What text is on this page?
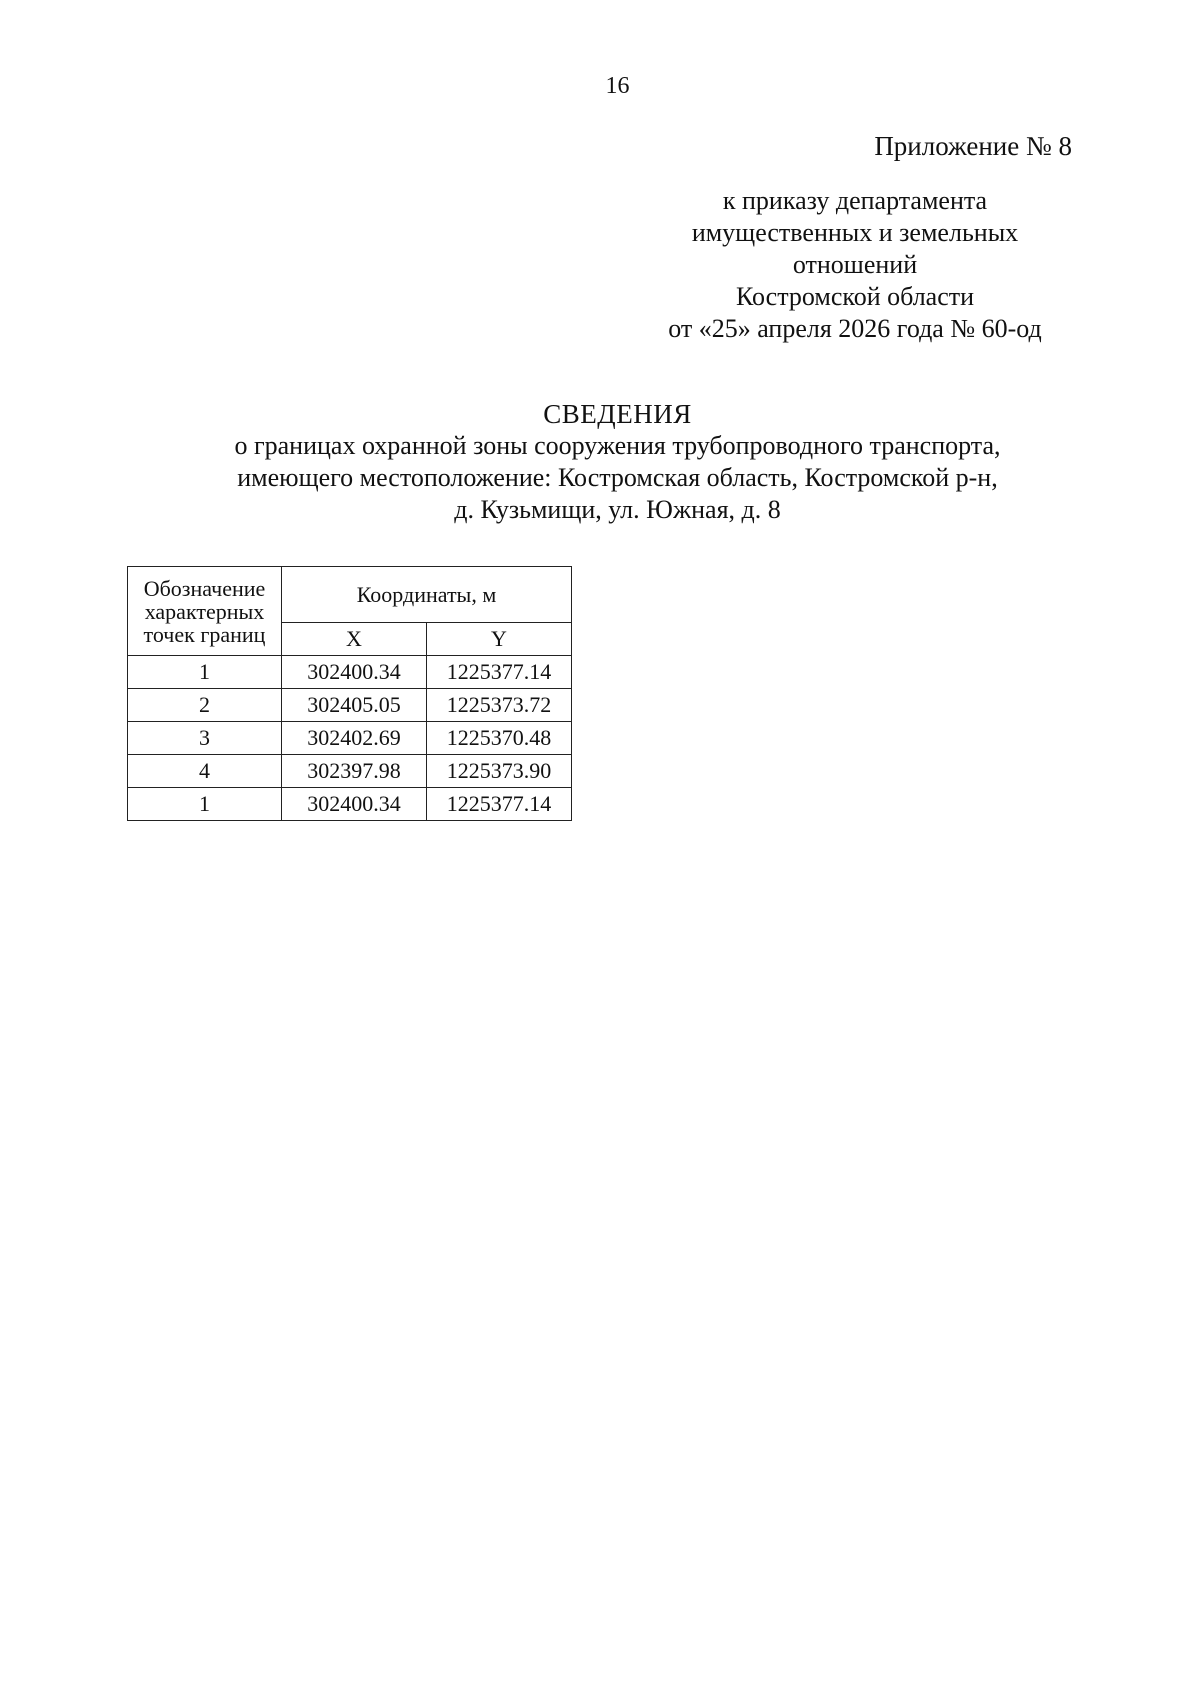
16
Приложение № 8
к приказу департамента
имущественных и земельных
отношений
Костромской области
от «25» апреля 2026 года № 60-од
СВЕДЕНИЯ
о границах охранной зоны сооружения трубопроводного транспорта,
имеющего местоположение: Костромская область, Костромской р-н,
д. Кузьмищи, ул. Южная, д. 8
Обозначение
характерных
точек границ	Координаты, м	
	X	Y
1	302400.34	1225377.14
2	302405.05	1225373.72
3	302402.69	1225370.48
4	302397.98	1225373.90
1	302400.34	1225377.14
